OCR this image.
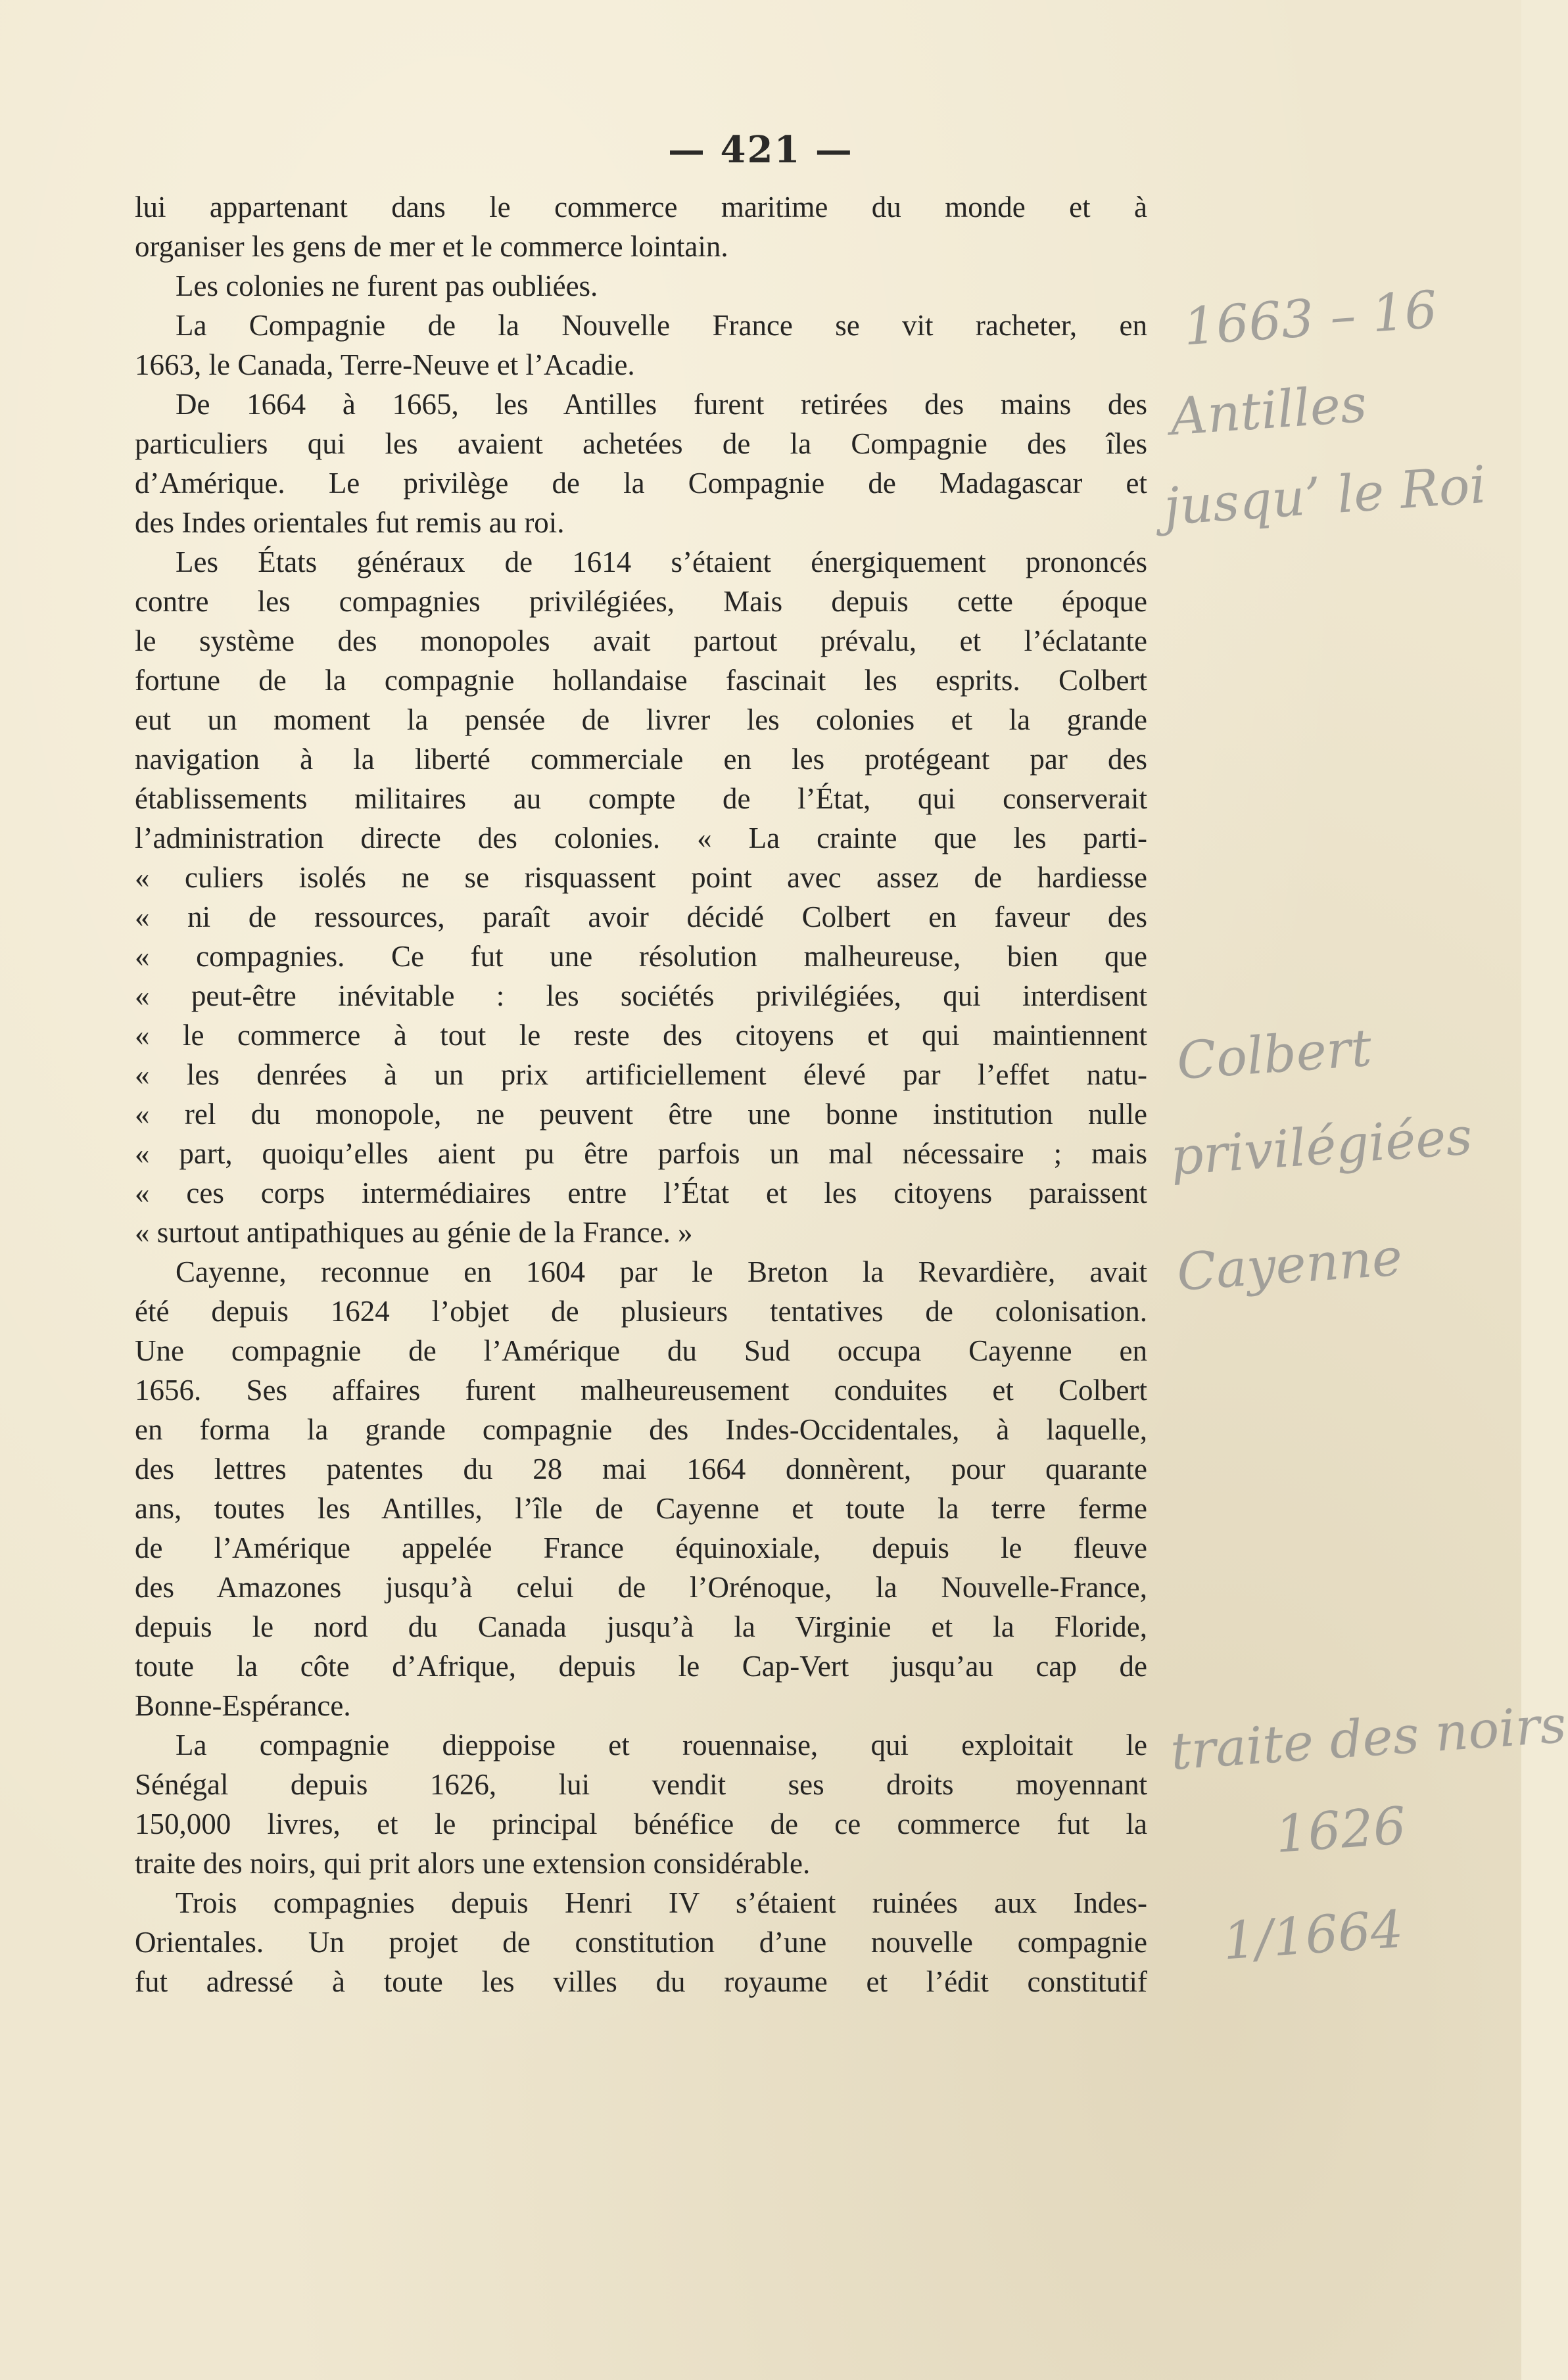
— 421 —
lui appartenant dans le commerce maritime du monde et à
organiser les gens de mer et le commerce lointain.
Les colonies ne furent pas oubliées.
La Compagnie de la Nouvelle France se vit racheter, en
1663, le Canada, Terre-Neuve et l’Acadie.
De 1664 à 1665, les Antilles furent retirées des mains des
particuliers qui les avaient achetées de la Compagnie des îles
d’Amérique. Le privilège de la Compagnie de Madagascar et
des Indes orientales fut remis au roi.
Les États généraux de 1614 s’étaient énergiquement prononcés
contre les compagnies privilégiées, Mais depuis cette époque
le système des monopoles avait partout prévalu, et l’éclatante
fortune de la compagnie hollandaise fascinait les esprits. Colbert
eut un moment la pensée de livrer les colonies et la grande
navigation à la liberté commerciale en les protégeant par des
établissements militaires au compte de l’État, qui conserverait
l’administration directe des colonies. « La crainte que les parti-
« culiers isolés ne se risquassent point avec assez de hardiesse
« ni de ressources, paraît avoir décidé Colbert en faveur des
« compagnies. Ce fut une résolution malheureuse, bien que
« peut-être inévitable : les sociétés privilégiées, qui interdisent
« le commerce à tout le reste des citoyens et qui maintiennent
« les denrées à un prix artificiellement élevé par l’effet natu-
« rel du monopole, ne peuvent être une bonne institution nulle
« part, quoiqu’elles aient pu être parfois un mal nécessaire ; mais
« ces corps intermédiaires entre l’État et les citoyens paraissent
« surtout antipathiques au génie de la France. »
Cayenne, reconnue en 1604 par le Breton la Revardière, avait
été depuis 1624 l’objet de plusieurs tentatives de colonisation.
Une compagnie de l’Amérique du Sud occupa Cayenne en
1656. Ses affaires furent malheureusement conduites et Colbert
en forma la grande compagnie des Indes-Occidentales, à laquelle,
des lettres patentes du 28 mai 1664 donnèrent, pour quarante
ans, toutes les Antilles, l’île de Cayenne et toute la terre ferme
de l’Amérique appelée France équinoxiale, depuis le fleuve
des Amazones jusqu’à celui de l’Orénoque, la Nouvelle-France,
depuis le nord du Canada jusqu’à la Virginie et la Floride,
toute la côte d’Afrique, depuis le Cap-Vert jusqu’au cap de
Bonne-Espérance.
La compagnie dieppoise et rouennaise, qui exploitait le
Sénégal depuis 1626, lui vendit ses droits moyennant
150,000 livres, et le principal bénéfice de ce commerce fut la
traite des noirs, qui prit alors une extension considérable.
Trois compagnies depuis Henri IV s’étaient ruinées aux Indes-
Orientales. Un projet de constitution d’une nouvelle compagnie
fut adressé à toute les villes du royaume et l’édit constitutif
1663 – 16
Antilles
jusqu’ le Roi
Colbert
privilégiées
Cayenne
traite des noirs
1626
1/1664
